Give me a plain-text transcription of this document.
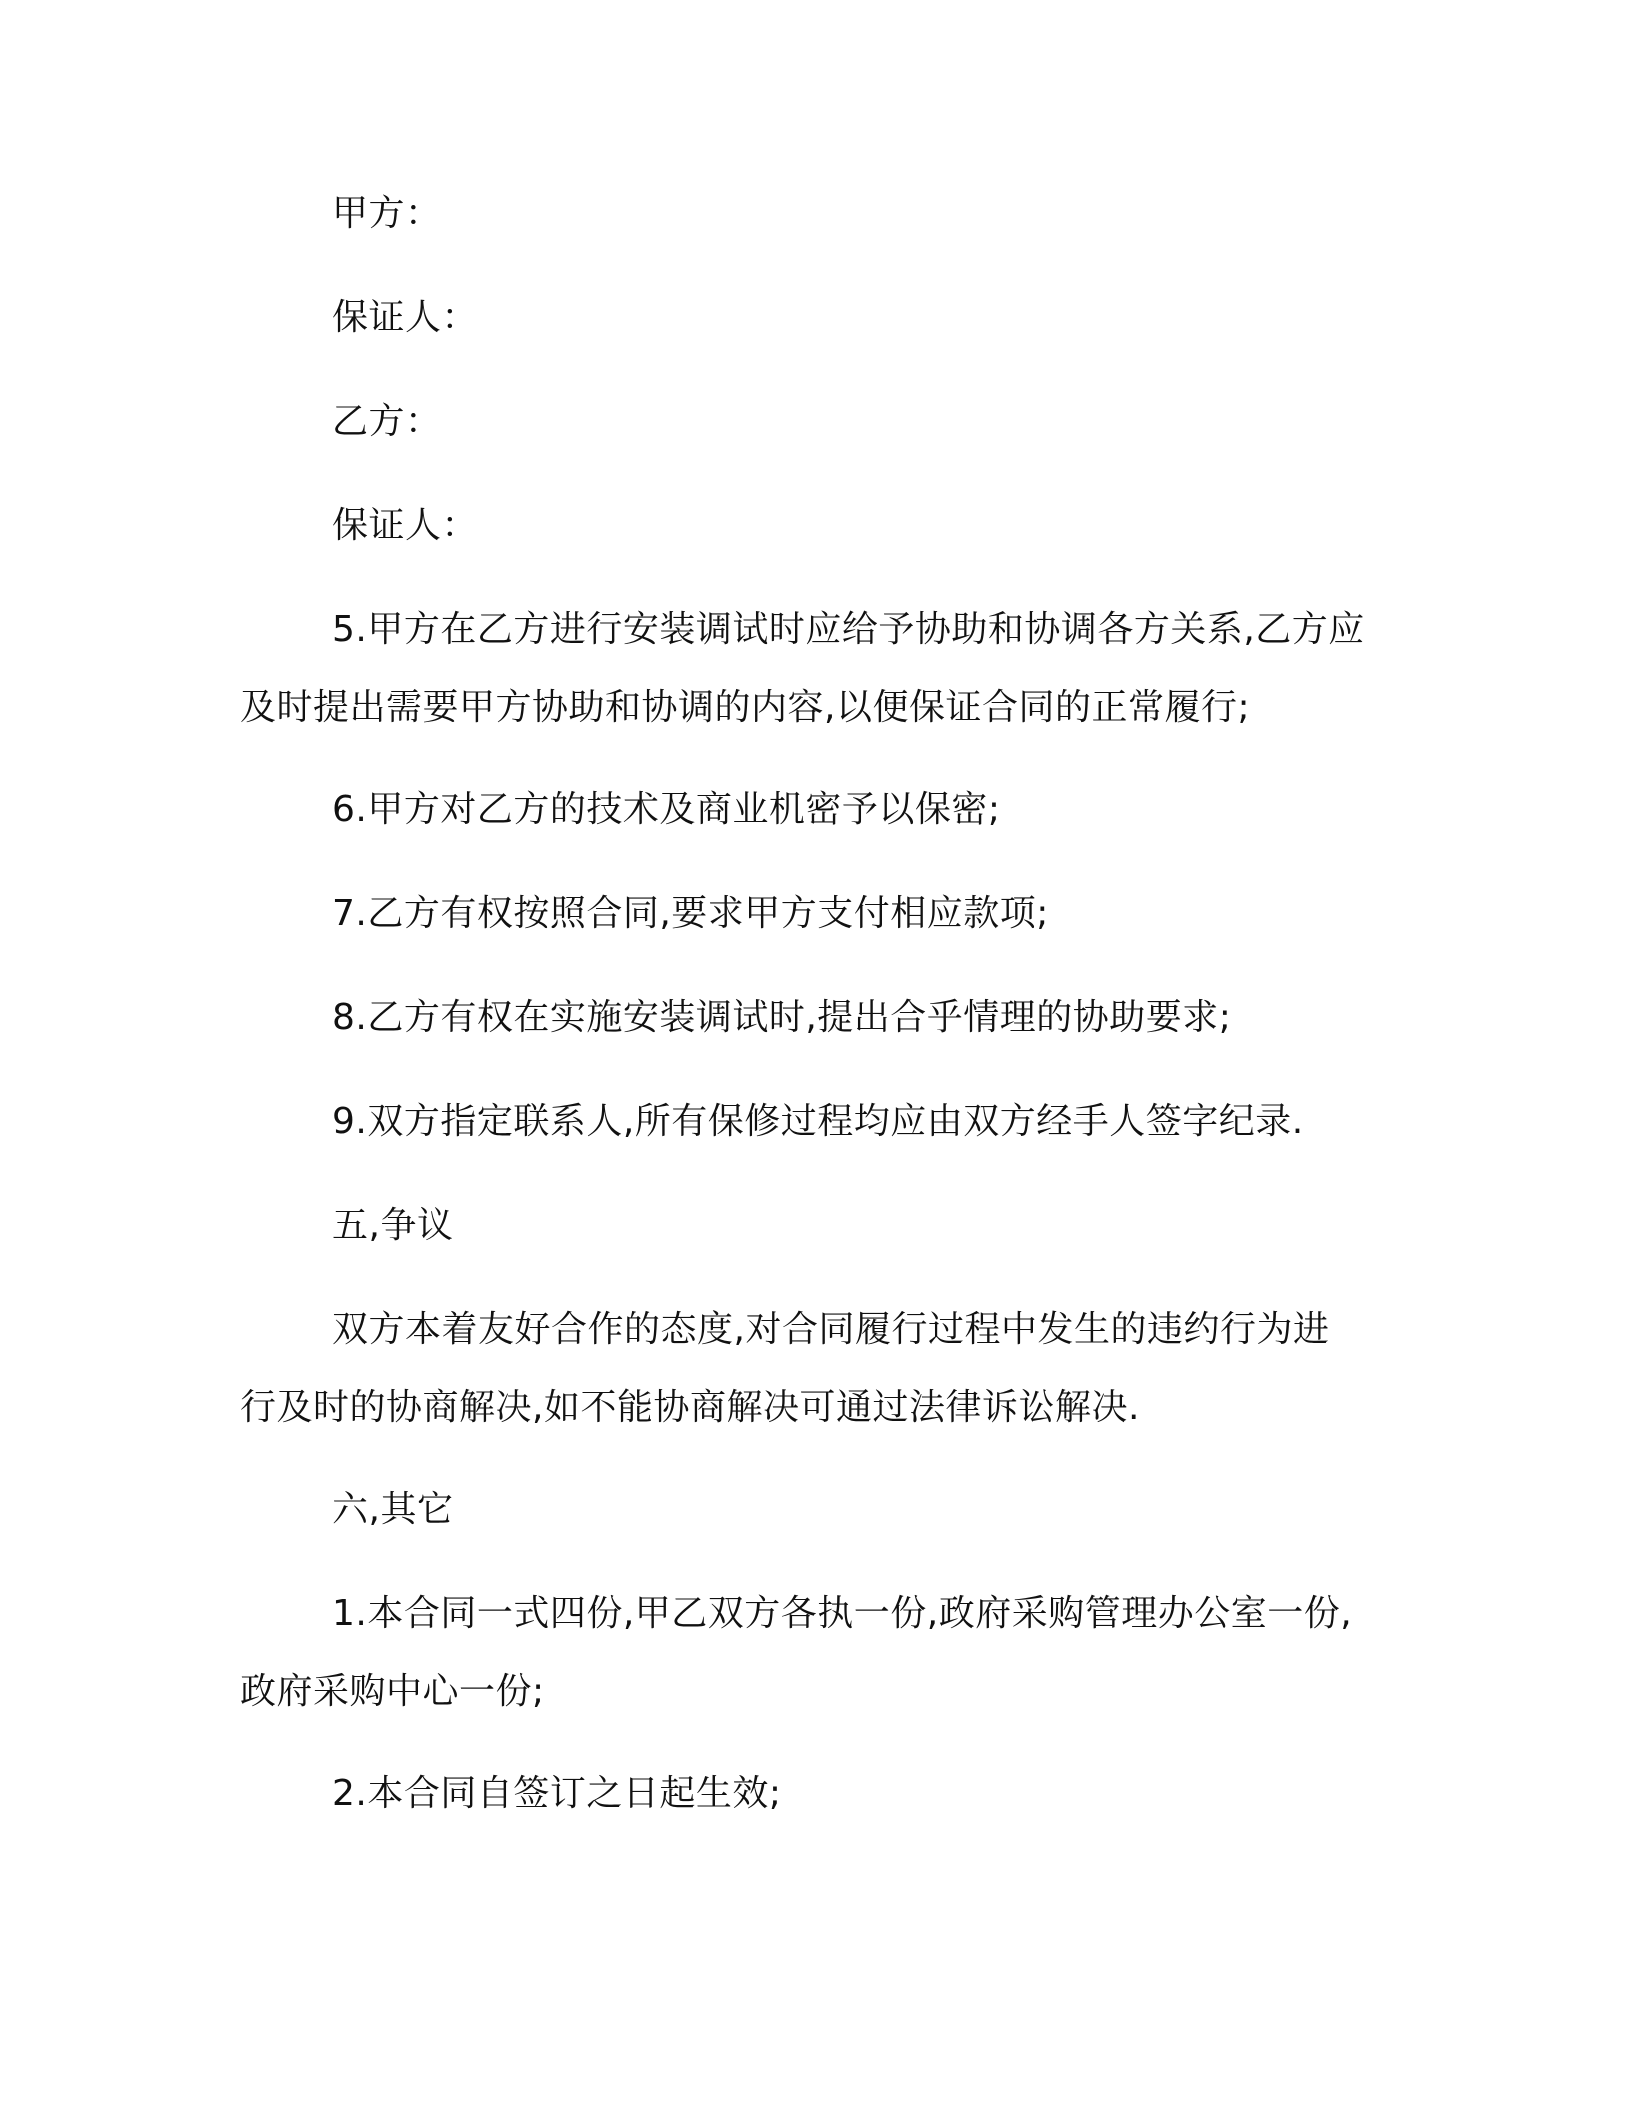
甲方：
保证人：
乙方：
保证人：
5.甲方在乙方进行安装调试时应给予协助和协调各方关系,乙方应
及时提出需要甲方协助和协调的内容,以便保证合同的正常履行;
6.甲方对乙方的技术及商业机密予以保密;
7.乙方有权按照合同,要求甲方支付相应款项;
8.乙方有权在实施安装调试时,提出合乎情理的协助要求;
9.双方指定联系人,所有保修过程均应由双方经手人签字纪录.
五,争议
双方本着友好合作的态度,对合同履行过程中发生的违约行为进
行及时的协商解决,如不能协商解决可通过法律诉讼解决.
六,其它
1.本合同一式四份,甲乙双方各执一份,政府采购管理办公室一份,
政府采购中心一份;
2.本合同自签订之日起生效;
